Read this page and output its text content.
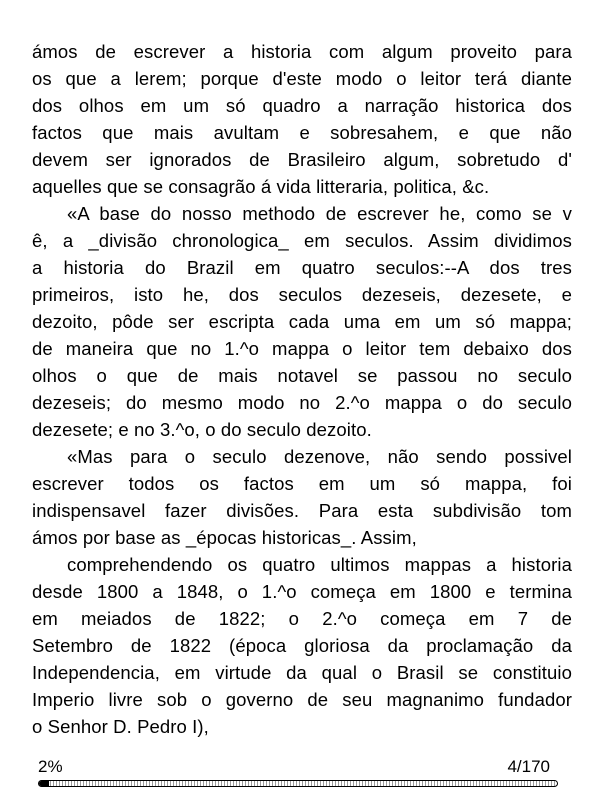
ámos de escrever a historia com algum proveito para
os que a lerem; porque d'este modo o leitor terá diante
dos olhos em um só quadro a narração historica dos
factos que mais avultam e sobresahem, e que não
devem ser ignorados de Brasileiro algum, sobretudo d'
aquelles que se consagrão á vida litteraria, politica, &c.
«A base do nosso methodo de escrever he, como se v
ê, a _divisão chronologica_ em seculos. Assim dividimos
a historia do Brazil em quatro seculos:--A dos tres
primeiros, isto he, dos seculos dezeseis, dezesete, e
dezoito, pôde ser escripta cada uma em um só mappa;
de maneira que no 1.^o mappa o leitor tem debaixo dos
olhos o que de mais notavel se passou no seculo
dezeseis; do mesmo modo no 2.^o mappa o do seculo
dezesete; e no 3.^o, o do seculo dezoito.
«Mas para o seculo dezenove, não sendo possivel
escrever todos os factos em um só mappa, foi
indispensavel fazer divisões. Para esta subdivisão tom
ámos por base as _épocas historicas_. Assim,
comprehendendo os quatro ultimos mappas a historia
desde 1800 a 1848, o 1.^o começa em 1800 e termina
em meiados de 1822; o 2.^o começa em 7 de
Setembro de 1822 (época gloriosa da proclamação da
Independencia, em virtude da qual o Brasil se constituio
Imperio livre sob o governo de seu magnanimo fundador
o Senhor D. Pedro I),
2%	4/170
